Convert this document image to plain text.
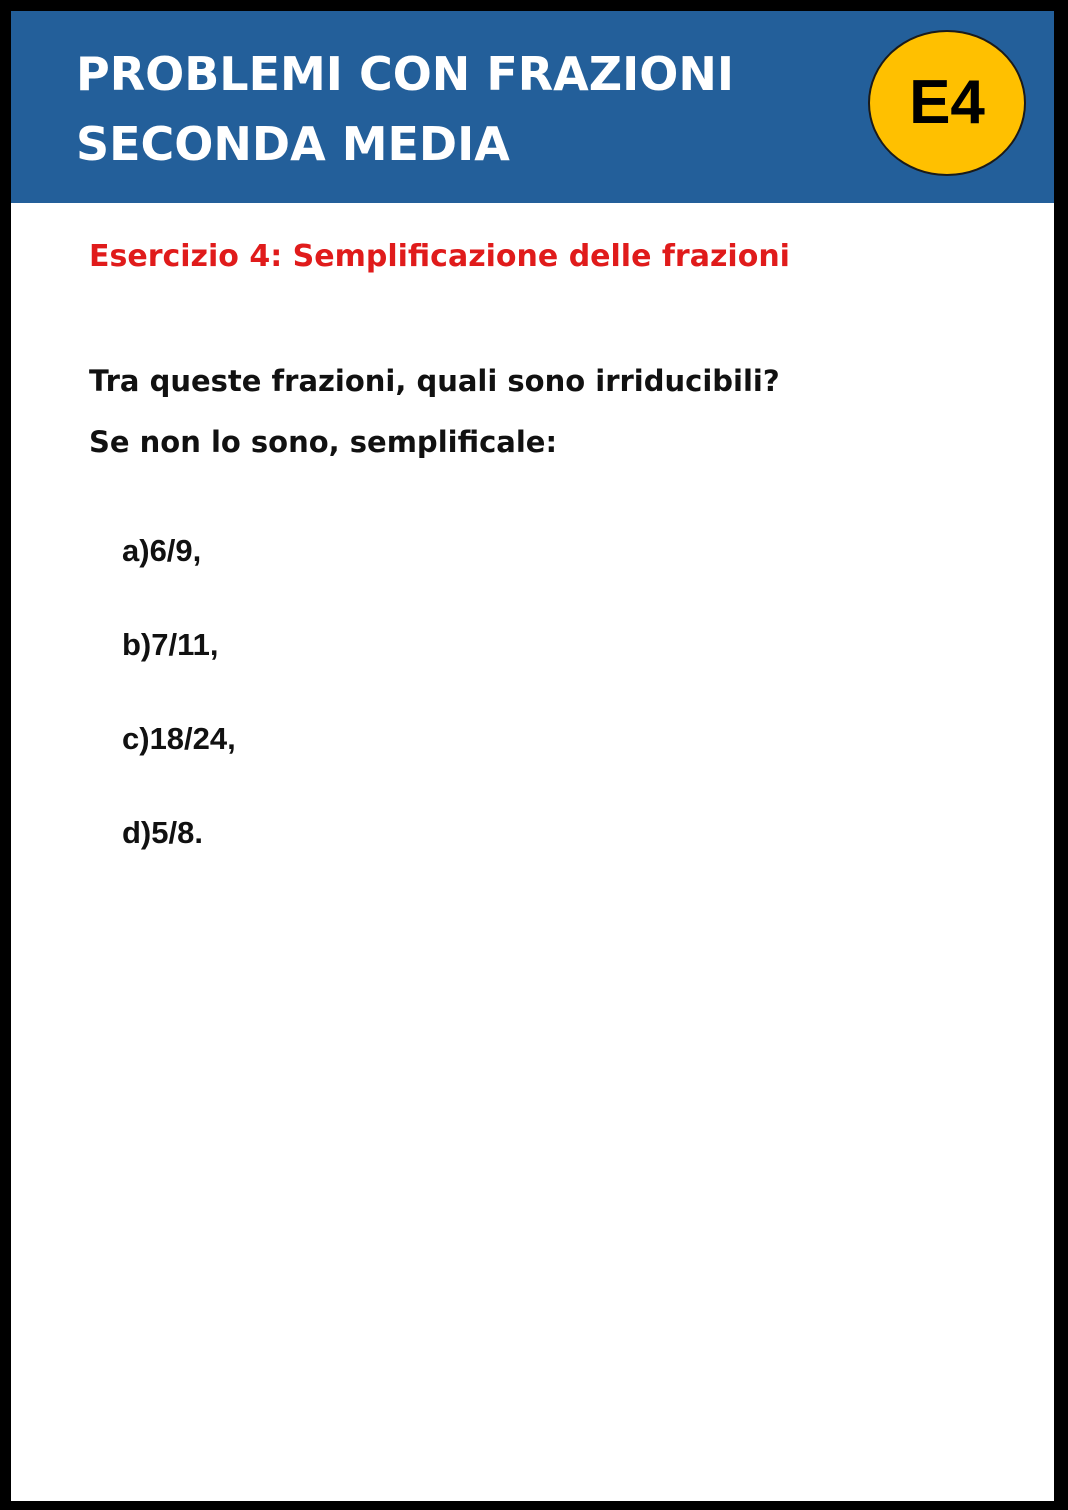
PROBLEMI CON FRAZIONI
SECONDA MEDIA
E4
Esercizio 4: Semplificazione delle frazioni

Tra queste frazioni, quali sono irriducibili?

Se non lo sono, semplificale:

a)6/9,
b)7/11,
c)18/24,
d)5/8.
